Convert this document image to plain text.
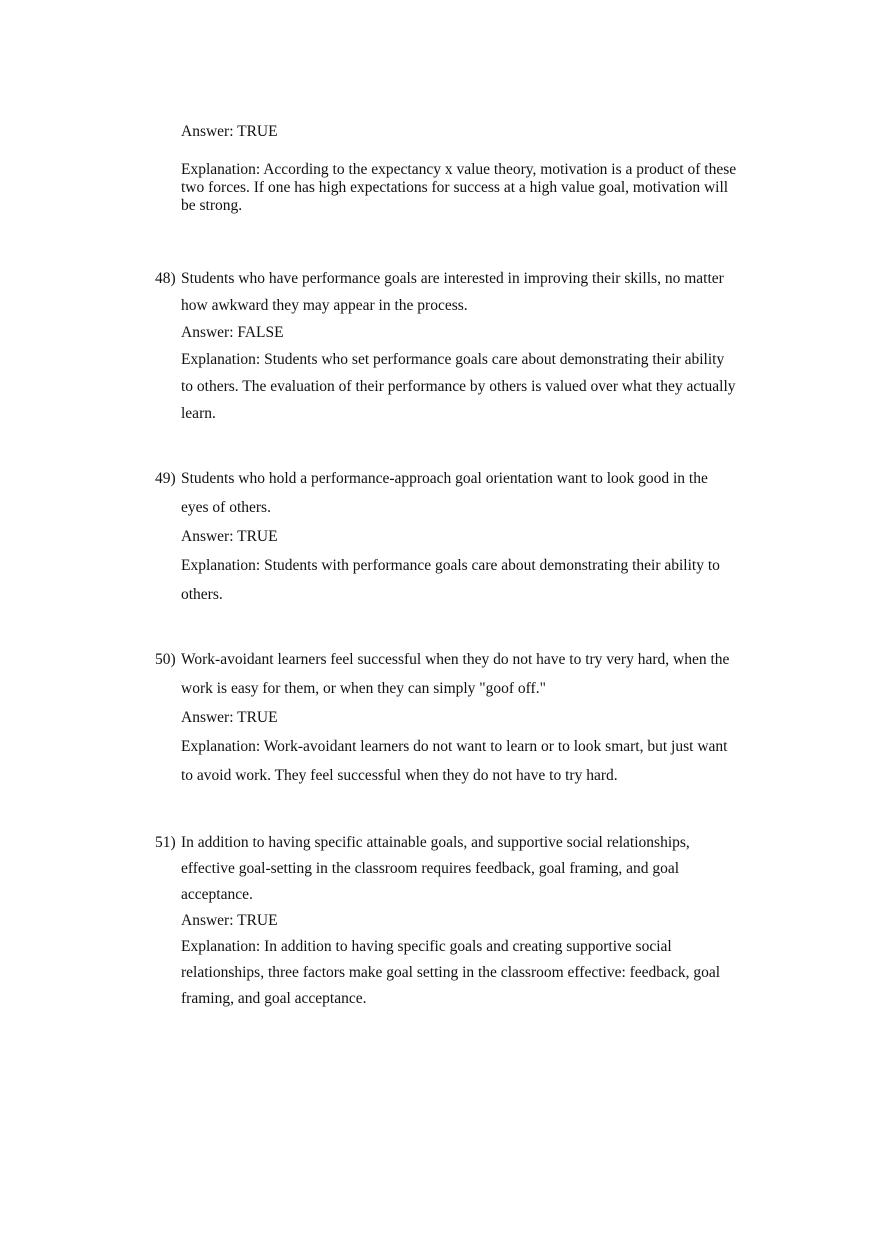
Answer: TRUE
Explanation: According to the expectancy x value theory, motivation is a product of these
two forces. If one has high expectations for success at a high value goal, motivation will
be strong.
48) Students who have performance goals are interested in improving their skills, no matter
how awkward they may appear in the process.
Answer: FALSE
Explanation: Students who set performance goals care about demonstrating their ability
to others. The evaluation of their performance by others is valued over what they actually
learn.
49) Students who hold a performance-approach goal orientation want to look good in the
eyes of others.
Answer: TRUE
Explanation: Students with performance goals care about demonstrating their ability to
others.
50) Work-avoidant learners feel successful when they do not have to try very hard, when the
work is easy for them, or when they can simply "goof off."
Answer: TRUE
Explanation: Work-avoidant learners do not want to learn or to look smart, but just want
to avoid work. They feel successful when they do not have to try hard.
51) In addition to having specific attainable goals, and supportive social relationships,
effective goal-setting in the classroom requires feedback, goal framing, and goal
acceptance.
Answer: TRUE
Explanation: In addition to having specific goals and creating supportive social
relationships, three factors make goal setting in the classroom effective: feedback, goal
framing, and goal acceptance.
